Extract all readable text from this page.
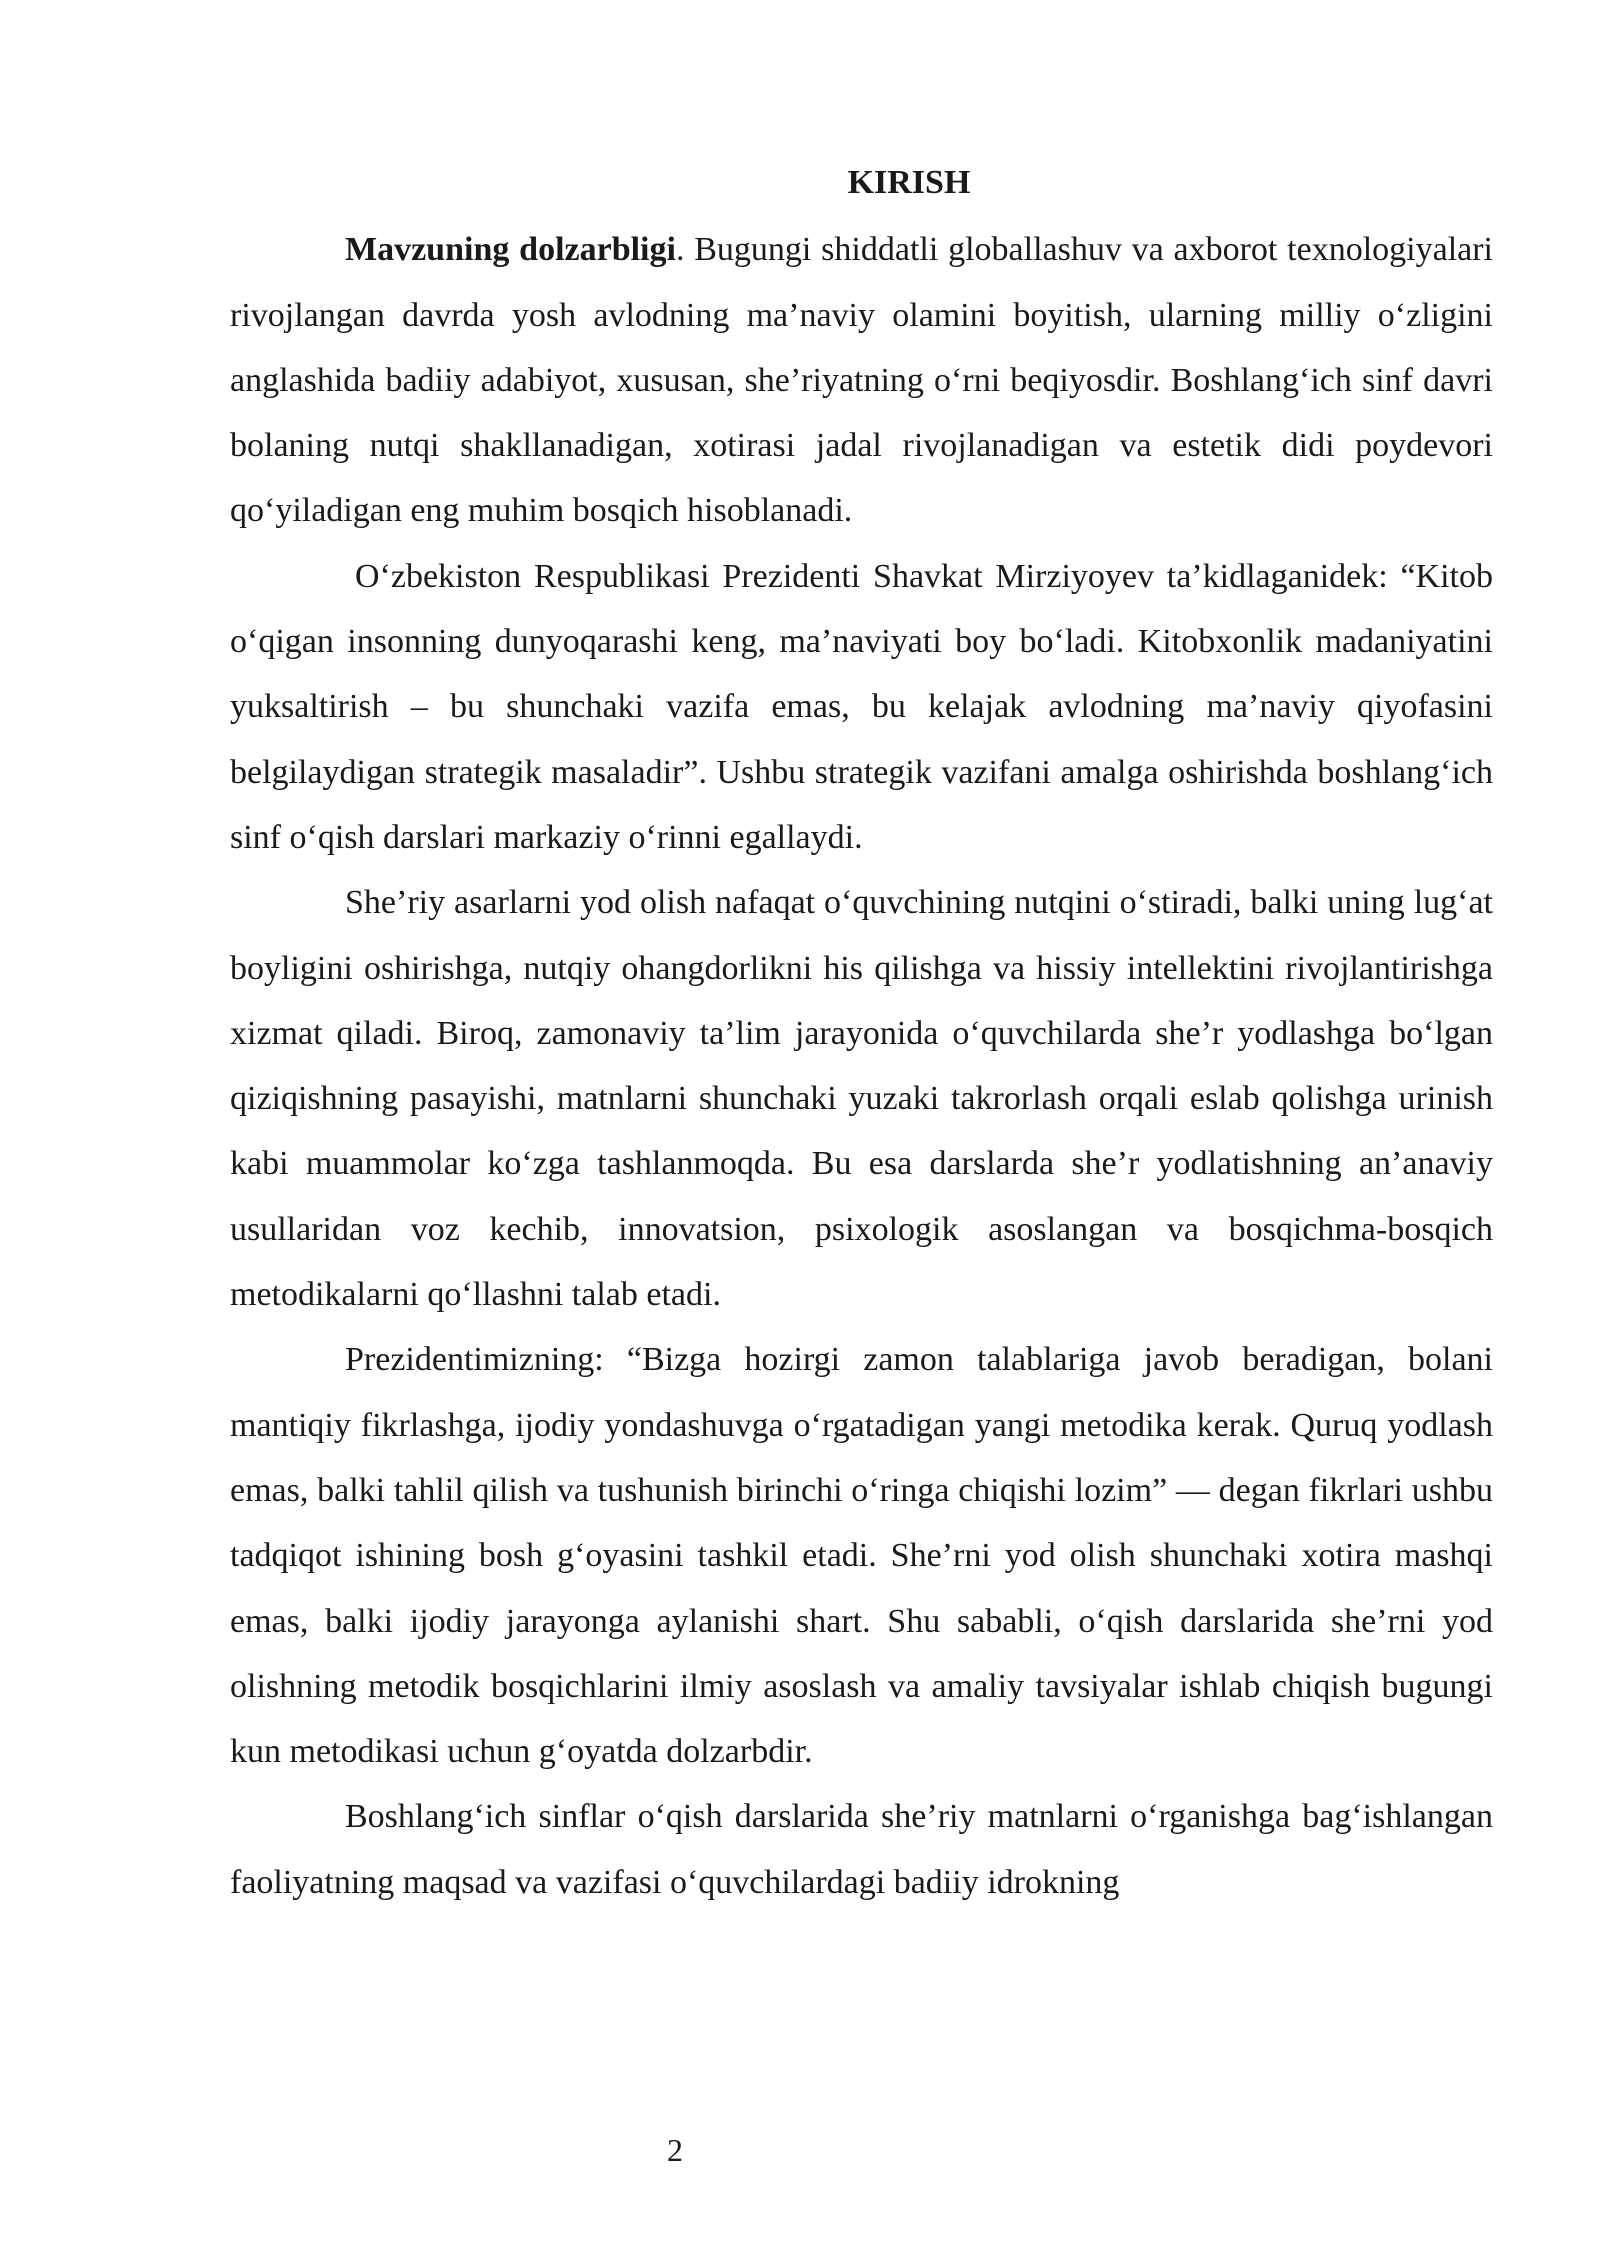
KIRISH

Mavzuning dolzarbligi. Bugungi shiddatli globallashuv va axborot texnologiyalari rivojlangan davrda yosh avlodning ma’naviy olamini boyitish, ularning milliy o‘zligini anglashida badiiy adabiyot, xususan, she’riyatning o‘rni beqiyosdir. Boshlang‘ich sinf davri bolaning nutqi shakllanadigan, xotirasi jadal rivojlanadigan va estetik didi poydevori qo‘yiladigan eng muhim bosqich hisoblanadi.

O‘zbekiston Respublikasi Prezidenti Shavkat Mirziyoyev ta’kidlaganidek: “Kitob o‘qigan insonning dunyoqarashi keng, ma’naviyati boy bo‘ladi. Kitobxonlik madaniyatini yuksaltirish – bu shunchaki vazifa emas, bu kelajak avlodning ma’naviy qiyofasini belgilaydigan strategik masaladir”. Ushbu strategik vazifani amalga oshirishda boshlang‘ich sinf o‘qish darslari markaziy o‘rinni egallaydi.

She’riy asarlarni yod olish nafaqat o‘quvchining nutqini o‘stiradi, balki uning lug‘at boyligini oshirishga, nutqiy ohangdorlikni his qilishga va hissiy intellektini rivojlantirishga xizmat qiladi. Biroq, zamonaviy ta’lim jarayonida o‘quvchilarda she’r yodlashga bo‘lgan qiziqishning pasayishi, matnlarni shunchaki yuzaki takrorlash orqali eslab qolishga urinish kabi muammolar ko‘zga tashlanmoqda. Bu esa darslarda she’r yodlatishning an’anaviy usullaridan voz kechib, innovatsion, psixologik asoslangan va bosqichma-bosqich metodikalarni qo‘llashni talab etadi.

Prezidentimizning: “Bizga hozirgi zamon talablariga javob beradigan, bolani mantiqiy fikrlashga, ijodiy yondashuvga o‘rgatadigan yangi metodika kerak. Quruq yodlash emas, balki tahlil qilish va tushunish birinchi o‘ringa chiqishi lozim” — degan fikrlari ushbu tadqiqot ishining bosh g‘oyasini tashkil etadi. She’rni yod olish shunchaki xotira mashqi emas, balki ijodiy jarayonga aylanishi shart. Shu sababli, o‘qish darslarida she’rni yod olishning metodik bosqichlarini ilmiy asoslash va amaliy tavsiyalar ishlab chiqish bugungi kun metodikasi uchun g‘oyatda dolzarbdir.

Boshlang‘ich sinflar o‘qish darslarida she’riy matnlarni o‘rganishga bag‘ishlangan faoliyatning maqsad va vazifasi o‘quvchilardagi badiiy idrokning

2
